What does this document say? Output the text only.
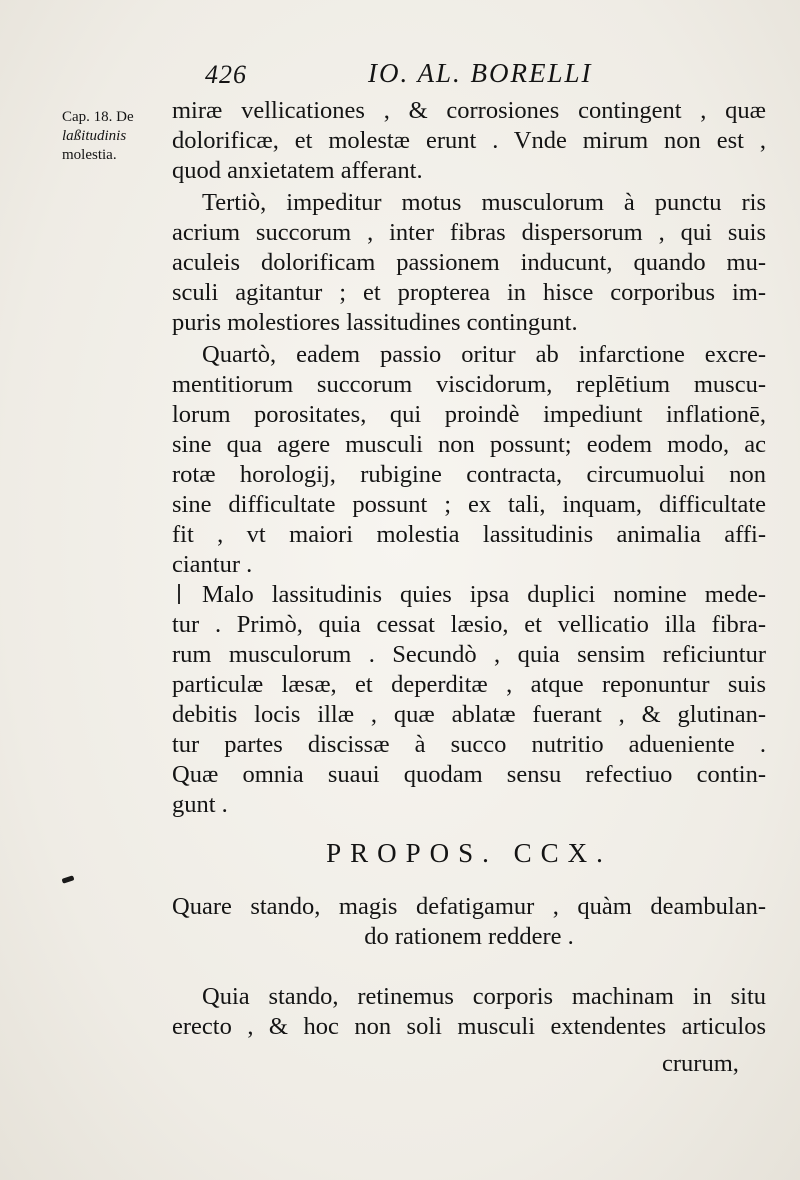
426	IO. AL. BORELLI
Cap. 18. De
laßitudinis
molestia.
miræ vellicationes , & corrosiones contingent , quæ
dolorificæ, et molestæ erunt . Vnde mirum non est ,
quod anxietatem afferant.
Tertiò, impeditur motus musculorum à punctu ris
acrium succorum , inter fibras dispersorum , qui suis
aculeis dolorificam passionem inducunt, quando mu-
sculi agitantur ; et propterea in hisce corporibus im-
puris molestiores lassitudines contingunt.
Quartò, eadem passio oritur ab infarctione excre-
mentitiorum succorum viscidorum, replētium muscu-
lorum porositates, qui proindè impediunt inflationē,
sine qua agere musculi non possunt; eodem modo, ac
rotæ horologij, rubigine contracta, circumuolui non
sine difficultate possunt ; ex tali, inquam, difficultate
fit , vt maiori molestia lassitudinis animalia affi-
ciantur .
Malo lassitudinis quies ipsa duplici nomine mede-
tur . Primò, quia cessat læsio, et vellicatio illa fibra-
rum musculorum . Secundò , quia sensim reficiuntur
particulæ læsæ, et deperditæ , atque reponuntur suis
debitis locis illæ , quæ ablatæ fuerant , & glutinan-
tur partes discissæ à succo nutritio adueniente .
Quæ omnia suaui quodam sensu refectiuo contin-
gunt .
PROPOS. CCX.
Quare stando, magis defatigamur , quàm deambulan-
do rationem reddere .
Quia stando, retinemus corporis machinam in situ
erecto , & hoc non soli musculi extendentes articulos
crurum,
